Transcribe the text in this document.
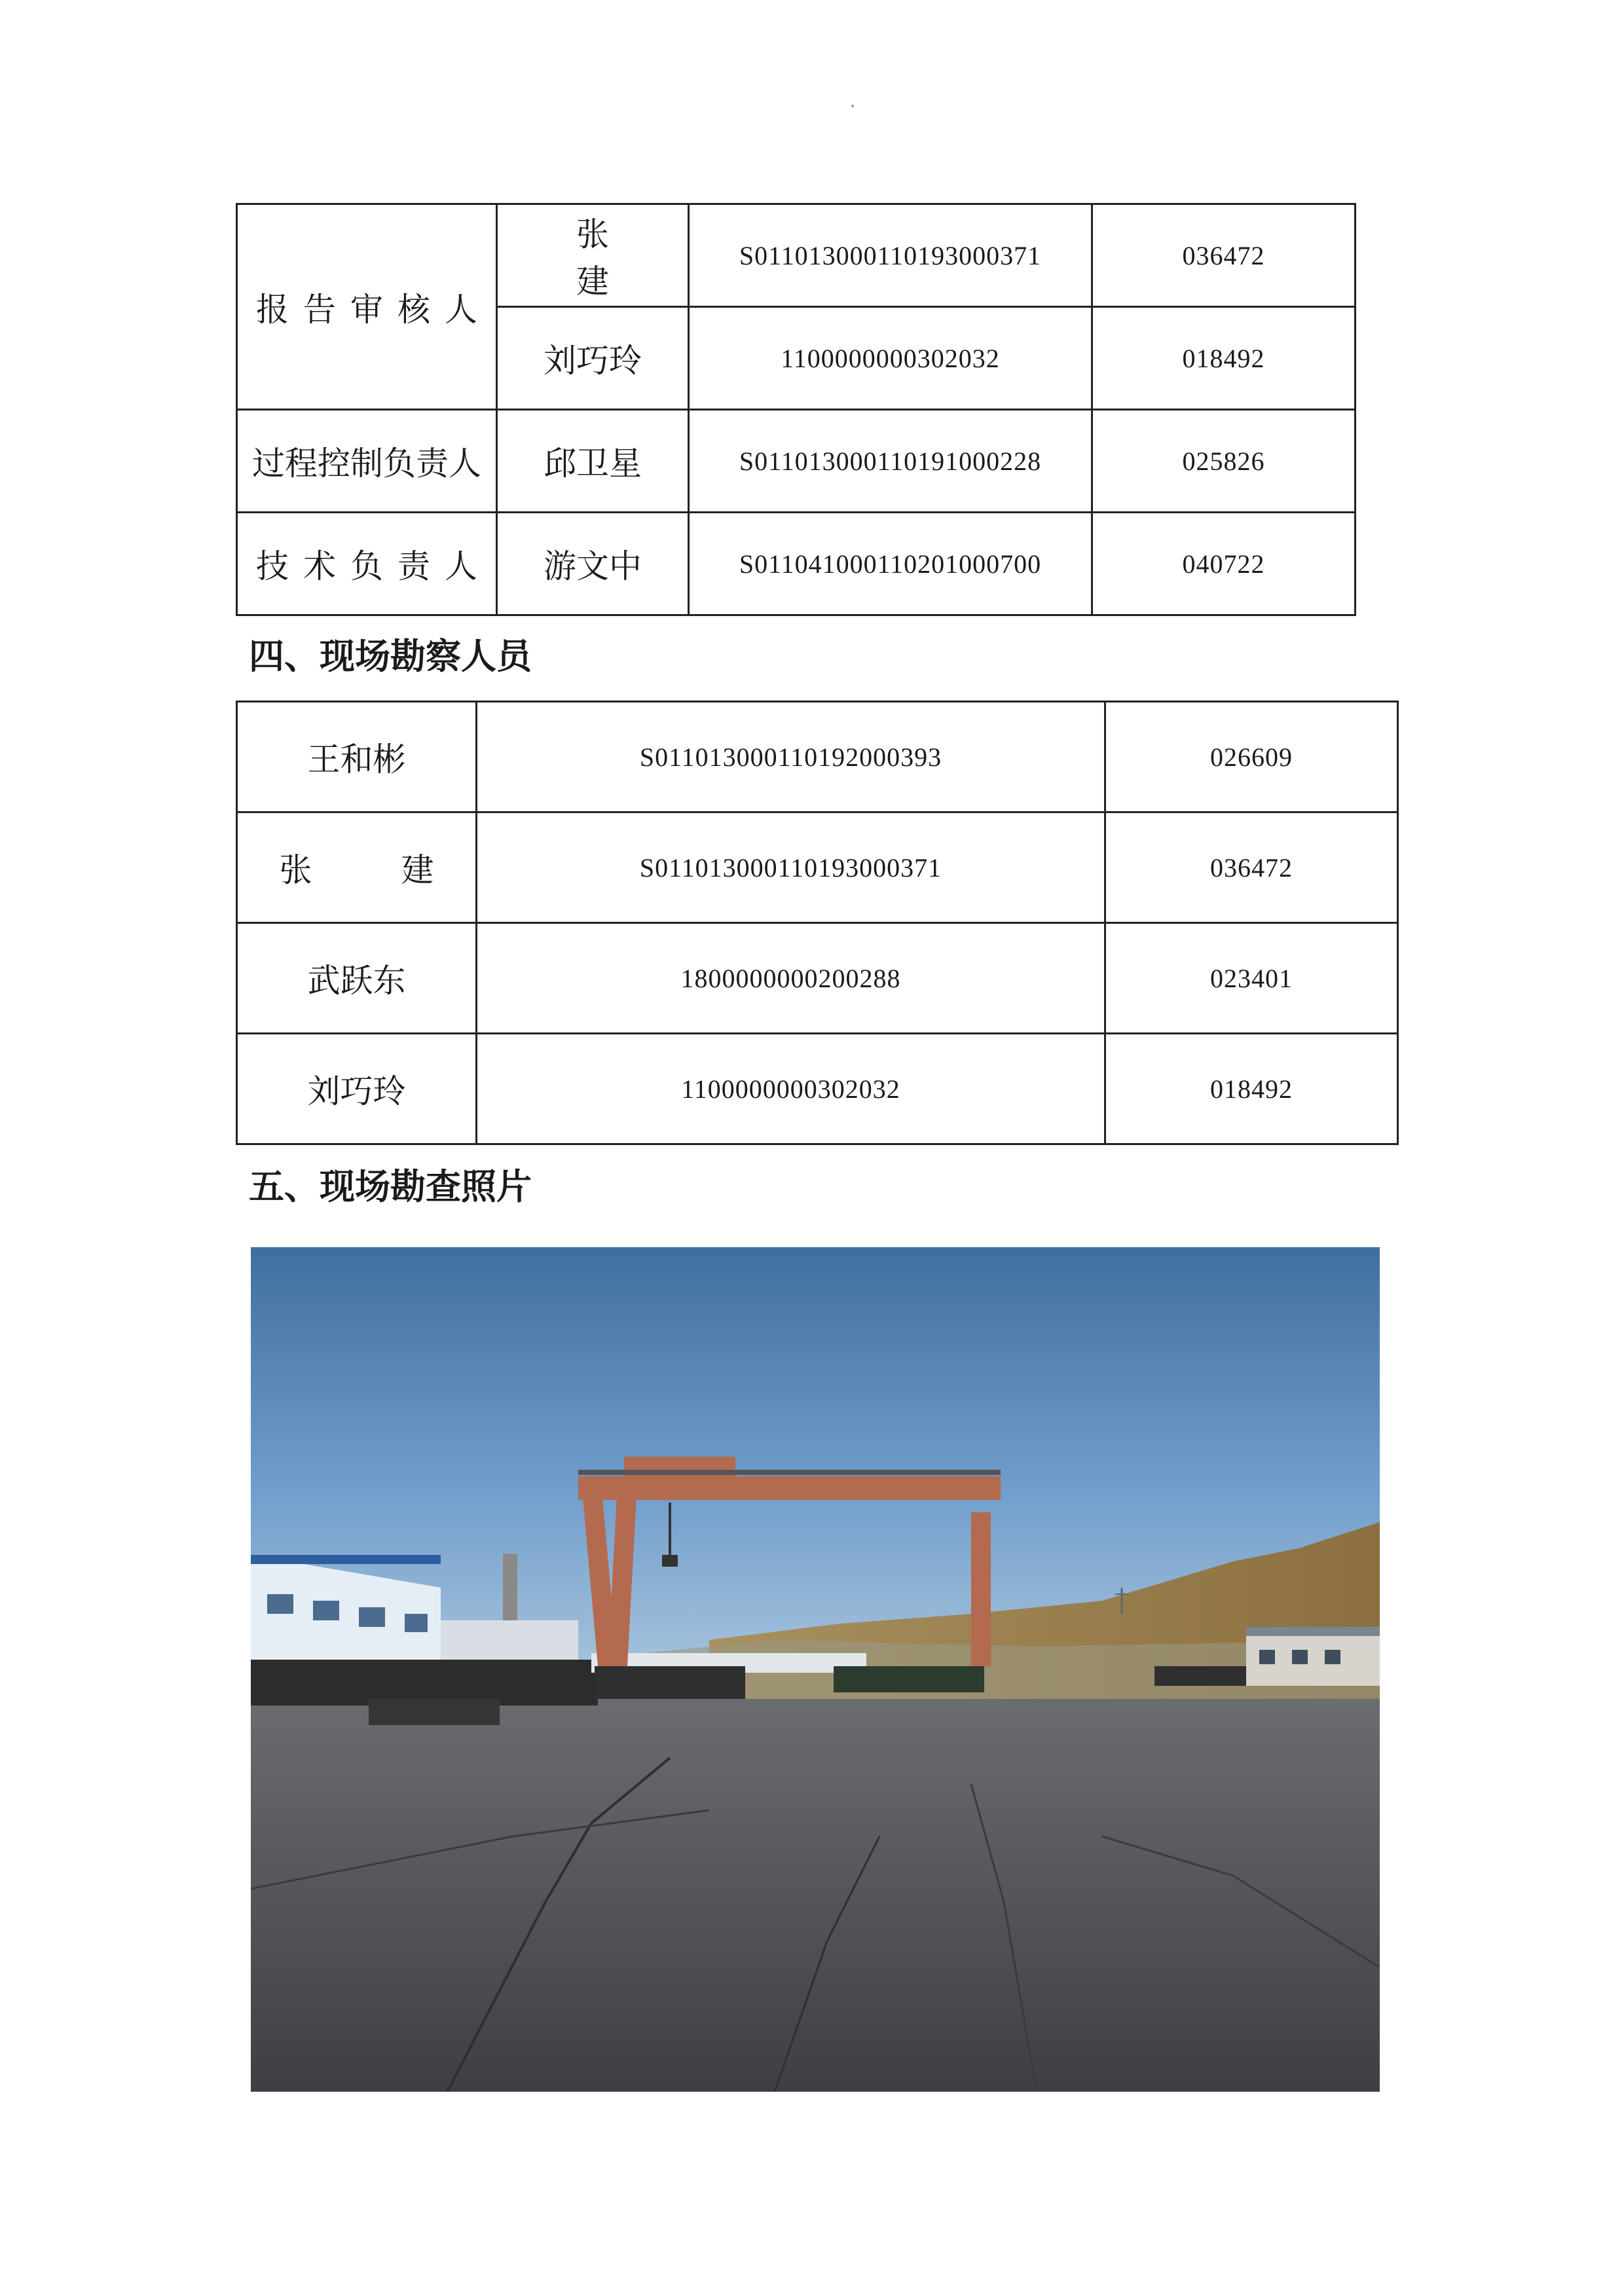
报告审核人	张 建	S01101300011019300037​1	036472
	刘巧玲	1100000000302032	018492
过程控制负责人	邱卫星	S01101300011019100022​8	025826
技术负责人	游文中	S01104100011020100070​0	040722
四、现场勘察人员
王和彬	S011013000110192000393	026609
张 建	S011013000110193000371	036472
武跃东	1800000000200288	023401
刘巧玲	1100000000302032	018492
五、现场勘查照片
